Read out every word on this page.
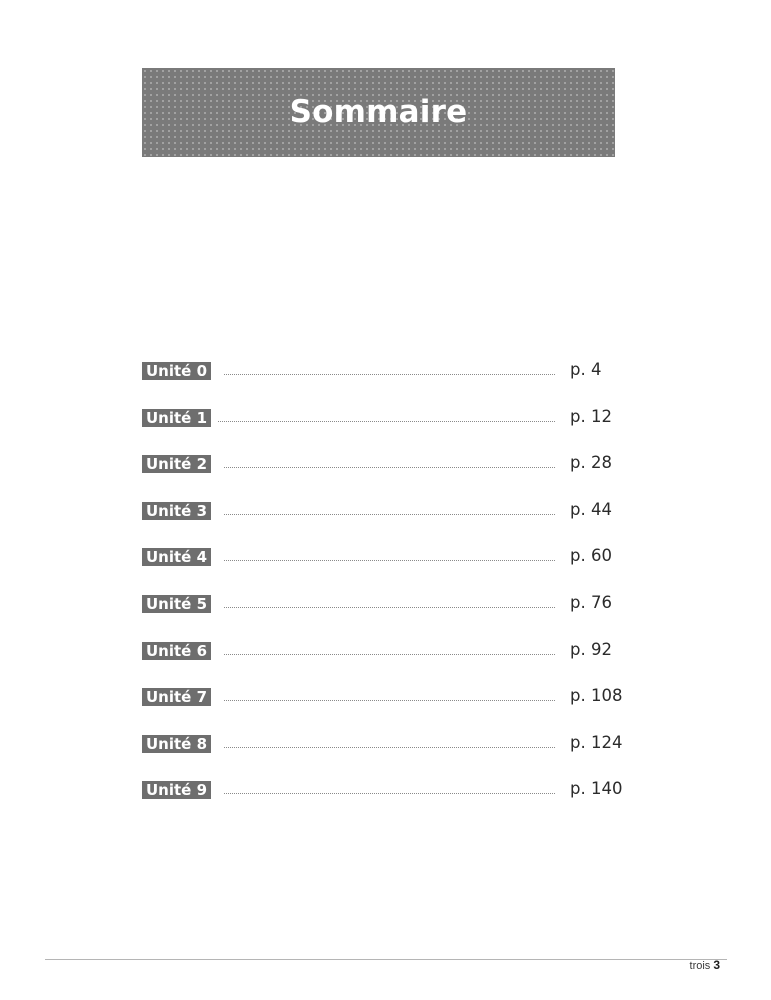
Sommaire
Unité 0	p. 4
Unité 1	p. 12
Unité 2	p. 28
Unité 3	p. 44
Unité 4	p. 60
Unité 5	p. 76
Unité 6	p. 92
Unité 7	p. 108
Unité 8	p. 124
Unité 9	p. 140
trois 3
